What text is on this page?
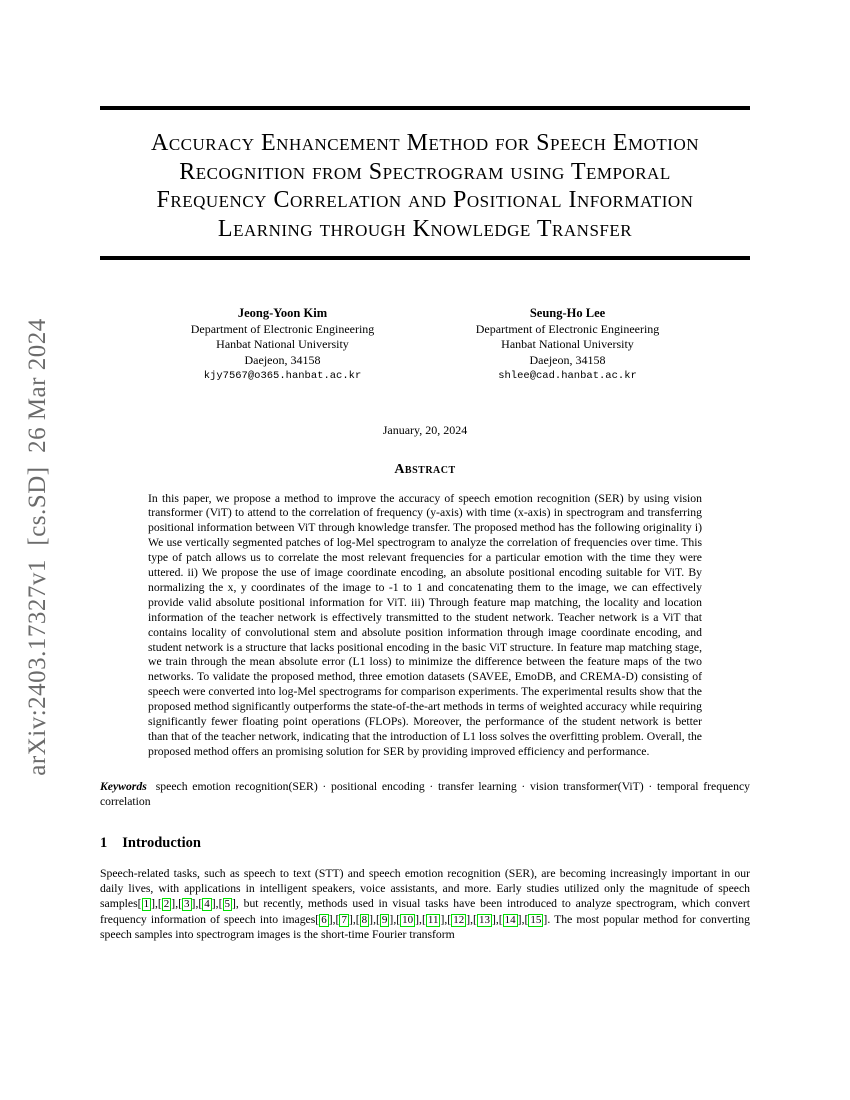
arXiv:2403.17327v1  [cs.SD]  26 Mar 2024
Accuracy Enhancement Method for Speech Emotion
Recognition from Spectrogram using Temporal
Frequency Correlation and Positional Information
Learning through Knowledge Transfer
Jeong-Yoon Kim
Department of Electronic Engineering
Hanbat National University
Daejeon, 34158
kjy7567@o365.hanbat.ac.kr
Seung-Ho Lee
Department of Electronic Engineering
Hanbat National University
Daejeon, 34158
shlee@cad.hanbat.ac.kr
January, 20, 2024
Abstract

In this paper, we propose a method to improve the accuracy of speech emotion recognition (SER) by using vision transformer (ViT) to attend to the correlation of frequency (y-axis) with time (x-axis) in spectrogram and transferring positional information between ViT through knowledge transfer. The proposed method has the following originality i) We use vertically segmented patches of log-Mel spectrogram to analyze the correlation of frequencies over time. This type of patch allows us to correlate the most relevant frequencies for a particular emotion with the time they were uttered. ii) We propose the use of image coordinate encoding, an absolute positional encoding suitable for ViT. By normalizing the x, y coordinates of the image to -1 to 1 and concatenating them to the image, we can effectively provide valid absolute positional information for ViT. iii) Through feature map matching, the locality and location information of the teacher network is effectively transmitted to the student network. Teacher network is a ViT that contains locality of convolutional stem and absolute position information through image coordinate encoding, and student network is a structure that lacks positional encoding in the basic ViT structure. In feature map matching stage, we train through the mean absolute error (L1 loss) to minimize the difference between the feature maps of the two networks. To validate the proposed method, three emotion datasets (SAVEE, EmoDB, and CREMA-D) consisting of speech were converted into log-Mel spectrograms for comparison experiments. The experimental results show that the proposed method significantly outperforms the state-of-the-art methods in terms of weighted accuracy while requiring significantly fewer floating point operations (FLOPs). Moreover, the performance of the student network is better than that of the teacher network, indicating that the introduction of L1 loss solves the overfitting problem. Overall, the proposed method offers an promising solution for SER by providing improved efficiency and performance.

Keywords speech emotion recognition(SER) · positional encoding · transfer learning · vision transformer(ViT) · temporal frequency correlation

1 Introduction

Speech-related tasks, such as speech to text (STT) and speech emotion recognition (SER), are becoming increasingly important in our daily lives, with applications in intelligent speakers, voice assistants, and more. Early studies utilized only the magnitude of speech samples[ 1 ],[ 2 ],[ 3 ],[ 4 ],[ 5 ], but recently, methods used in visual tasks have been introduced to analyze spectrogram, which convert frequency information of speech into images[ 6 ],[ 7 ],[ 8 ],[ 9 ],[ 10 ],[ 11 ],[ 12 ],[ 13 ],[ 14 ],[ 15 ]. The most popular method for converting speech samples into spectrogram images is the short-time Fourier transform
